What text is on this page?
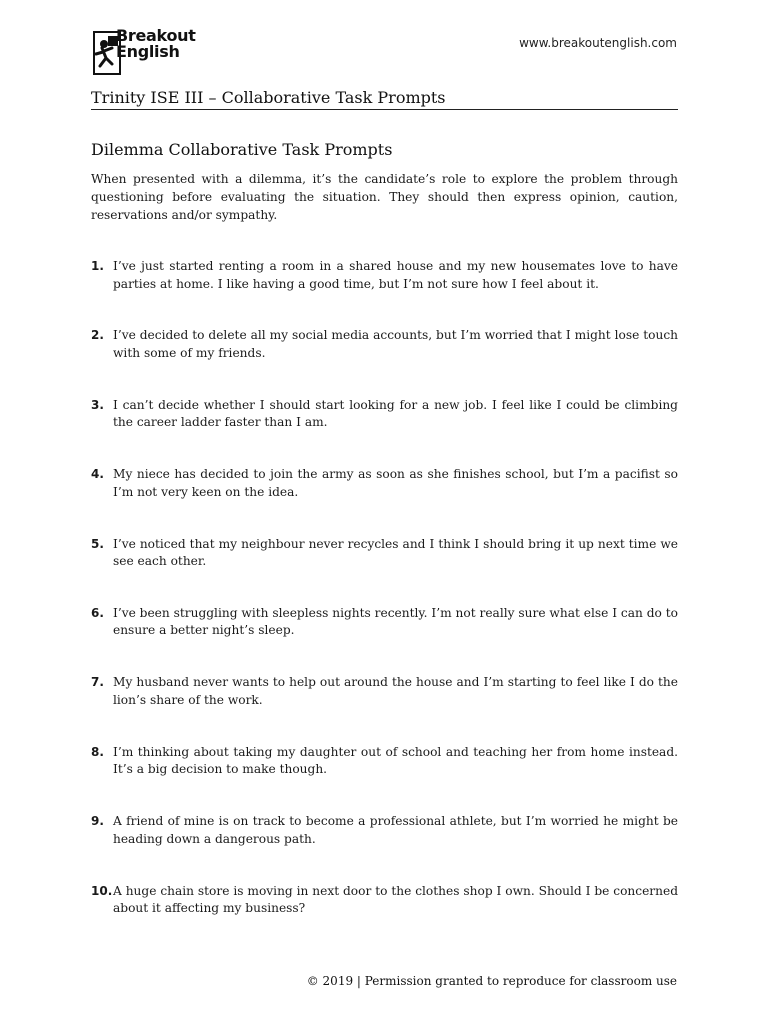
Breakout
English	www.breakoutenglish.com
Trinity ISE III – Collaborative Task Prompts
Dilemma Collaborative Task Prompts

When presented with a dilemma, it’s the candidate’s role to explore the problem through questioning before evaluating the situation. They should then express opinion, caution, reservations and/or sympathy.

1. I’ve just started renting a room in a shared house and my new housemates love to have parties at home. I like having a good time, but I’m not sure how I feel about it.
2. I’ve decided to delete all my social media accounts, but I’m worried that I might lose touch with some of my friends.
3. I can’t decide whether I should start looking for a new job. I feel like I could be climbing the career ladder faster than I am.
4. My niece has decided to join the army as soon as she finishes school, but I’m a pacifist so I’m not very keen on the idea.
5. I’ve noticed that my neighbour never recycles and I think I should bring it up next time we see each other.
6. I’ve been struggling with sleepless nights recently. I’m not really sure what else I can do to ensure a better night’s sleep.
7. My husband never wants to help out around the house and I’m starting to feel like I do the lion’s share of the work.
8. I’m thinking about taking my daughter out of school and teaching her from home instead. It’s a big decision to make though.
9. A friend of mine is on track to become a professional athlete, but I’m worried he might be heading down a dangerous path.
10. A huge chain store is moving in next door to the clothes shop I own. Should I be concerned about it affecting my business?
© 2019 | Permission granted to reproduce for classroom use
